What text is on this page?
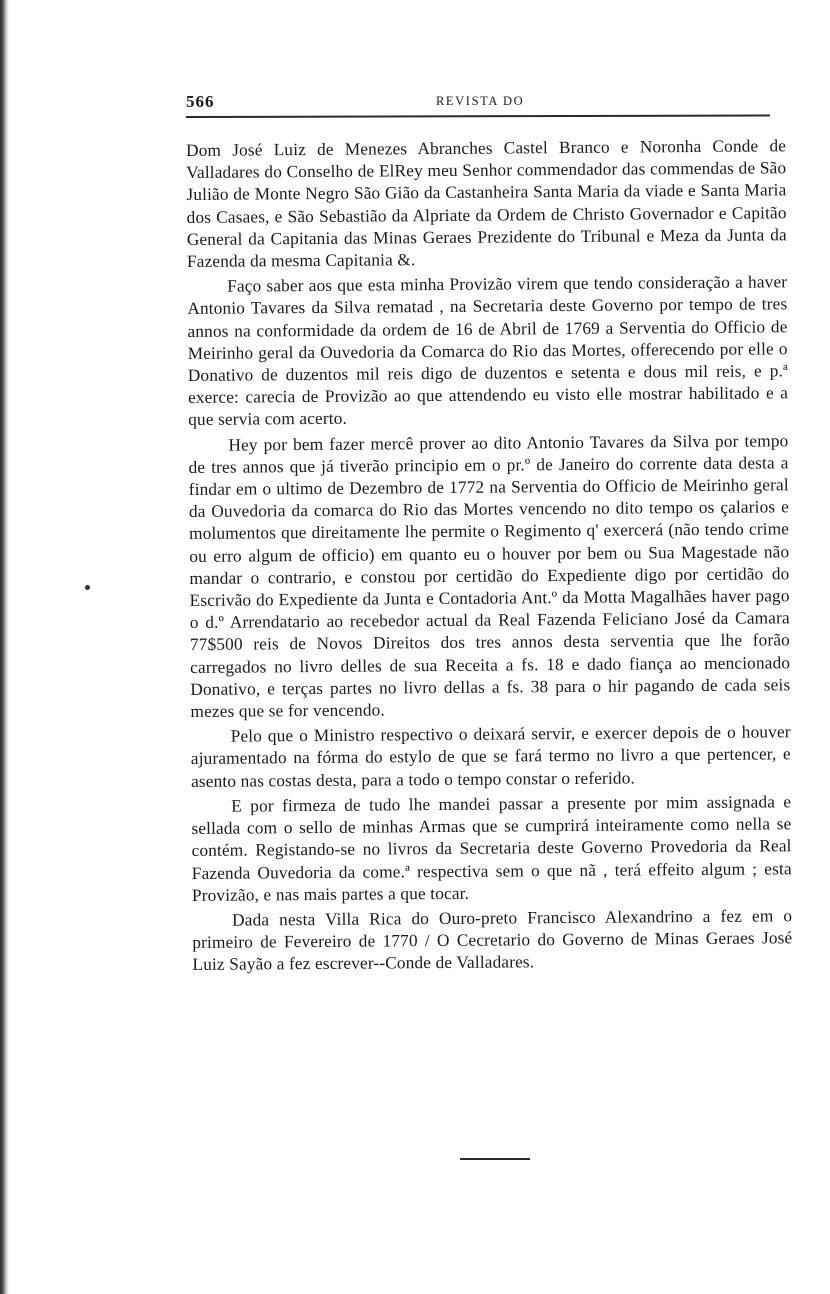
566	REVISTA DO

Dom José Luiz de Menezes Abranches Castel Branco e Noronha Conde de Valladares do Conselho de ElRey meu Senhor commendador das commendas de São Julião de Monte Negro São Gião da Castanheira Santa Maria da viade e Santa Maria dos Casaes, e São Sebastião da Alpriate da Ordem de Christo Governador e Capitão General da Capitania das Minas Geraes Prezidente do Tribunal e Meza da Junta da Fazenda da mesma Capitania &.

Faço saber aos que esta minha Provizão virem que tendo consideração a haver Antonio Tavares da Silva rematad , na Secretaria deste Governo por tempo de tres annos na conformidade da ordem de 16 de Abril de 1769 a Serventia do Officio de Meirinho geral da Ouvedoria da Comarca do Rio das Mortes, offerecendo por elle o Donativo de duzentos mil reis digo de duzentos e setenta e dous mil reis, e p.ª exerce: carecia de Provizão ao que attendendo eu visto elle mostrar habilitado e a que servia com acerto.

Hey por bem fazer mercê prover ao dito Antonio Tavares da Silva por tempo de tres annos que já tiverão principio em o pr.º de Janeiro do corrente data desta a findar em o ultimo de Dezembro de 1772 na Serventia do Officio de Meirinho geral da Ouvedoria da comarca do Rio das Mortes vencendo no dito tempo os çalarios e molumentos que direitamente lhe permite o Regimento q' exercerá (não tendo crime ou erro algum de officio) em quanto eu o houver por bem ou Sua Magestade não mandar o contrario, e constou por certidão do Expediente digo por certidão do Escrivão do Expediente da Junta e Contadoria Ant.º da Motta Magalhães haver pago o d.º Arrendatario ao recebedor actual da Real Fazenda Feliciano José da Camara 77$500 reis de Novos Direitos dos tres annos desta serventia que lhe forão carregados no livro delles de sua Receita a fs. 18 e dado fiança ao mencionado Donativo, e terças partes no livro dellas a fs. 38 para o hir pagando de cada seis mezes que se for vencendo.

Pelo que o Ministro respectivo o deixará servir, e exercer depois de o houver ajuramentado na fórma do estylo de que se fará termo no livro a que pertencer, e asento nas costas desta, para a todo o tempo constar o referido.

E por firmeza de tudo lhe mandei passar a presente por mim assignada e sellada com o sello de minhas Armas que se cumprirá inteiramente como nella se contém. Registando-se no livros da Secretaria deste Governo Provedoria da Real Fazenda Ouvedoria da come.ª respectiva sem o que nã , terá effeito algum ; esta Provizão, e nas mais partes a que tocar.

Dada nesta Villa Rica do Ouro-preto Francisco Alexandrino a fez em o primeiro de Fevereiro de 1770 / O Cecretario do Governo de Minas Geraes José Luiz Sayão a fez escrever--Conde de Valladares.
